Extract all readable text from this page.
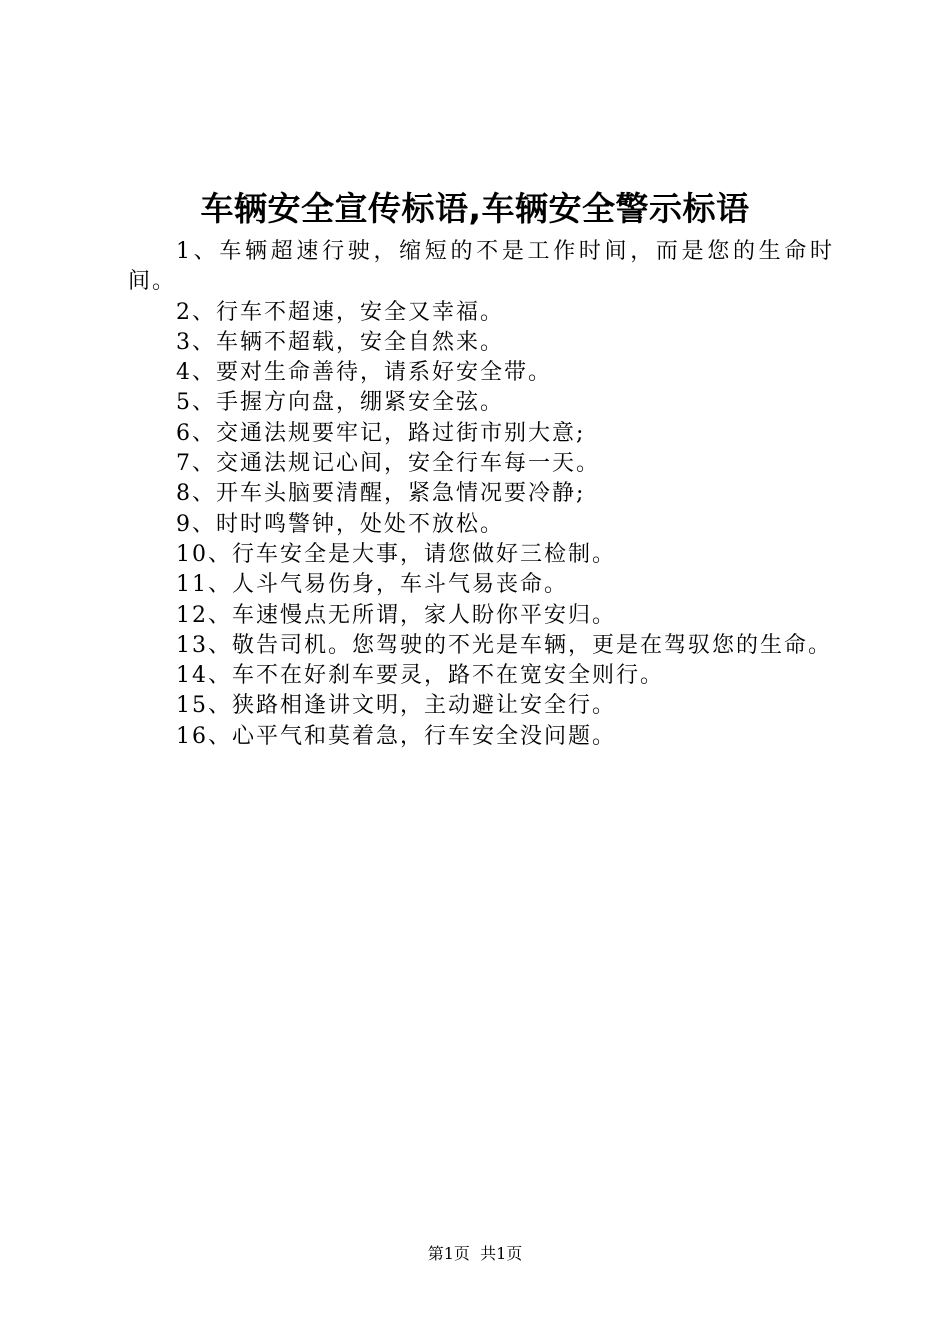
车辆安全宣传标语,车辆安全警示标语

1、车辆超速行驶，缩短的不是工作时间，而是您的生命时间。

2、行车不超速，安全又幸福。

3、车辆不超载，安全自然来。

4、要对生命善待，请系好安全带。

5、手握方向盘，绷紧安全弦。

6、交通法规要牢记，路过街市别大意;

7、交通法规记心间，安全行车每一天。

8、开车头脑要清醒，紧急情况要冷静;

9、时时鸣警钟，处处不放松。

10、行车安全是大事，请您做好三检制。

11、人斗气易伤身，车斗气易丧命。

12、车速慢点无所谓，家人盼你平安归。

13、敬告司机。您驾驶的不光是车辆，更是在驾驭您的生命。

14、车不在好刹车要灵，路不在宽安全则行。

15、狭路相逢讲文明，主动避让安全行。

16、心平气和莫着急，行车安全没问题。

第1页  共1页
